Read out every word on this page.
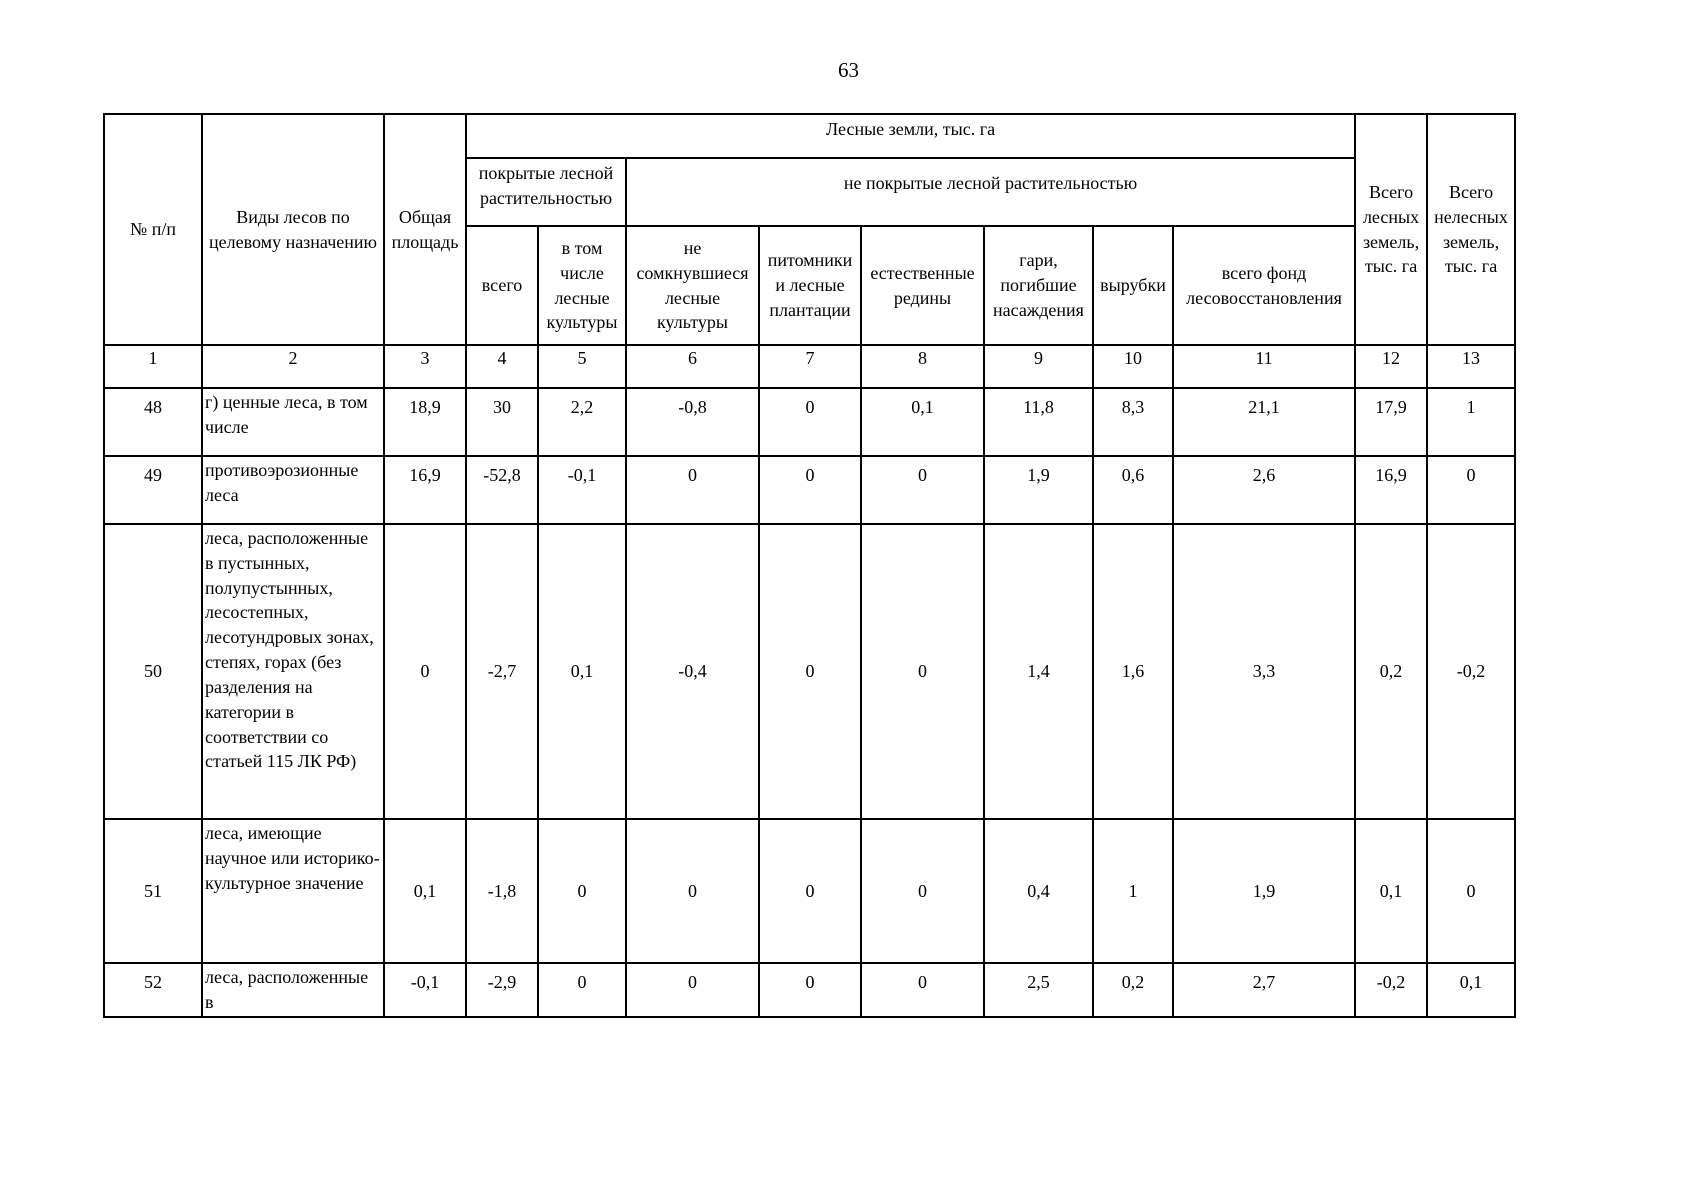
63
№ п/п	Виды лесов по целевому назначению	Общая площадь	Лесные земли, тыс. га								Всего лесных земель, тыс. га	Всего нелесных земель, тыс. га
			покрытые лесной растительностью		не покрытые лесной растительностью							
			всего	в том числе лесные культуры	не сомкнувшиеся лесные культуры	питомники и лесные плантации	естественные редины	гари, погибшие насаждения	вырубки	всего фонд лесовосстановления		
1	2	3	4	5	6	7	8	9	10	11	12	13
48	г) ценные леса, в том числе	18,9	30	2,2	-0,8	0	0,1	11,8	8,3	21,1	17,9	1
49	противоэрозионные леса	16,9	-52,8	-0,1	0	0	0	1,9	0,6	2,6	16,9	0
50	леса, расположенные в пустынных, полупустынных, лесостепных, лесотундровых зонах, степях, горах (без разделения на категории в соответствии со статьей 115 ЛК РФ)	0	-2,7	0,1	-0,4	0	0	1,4	1,6	3,3	0,2	-0,2
51	леса, имеющие научное или историко-культурное значение	0,1	-1,8	0	0	0	0	0,4	1	1,9	0,1	0
52	леса, расположенные в	-0,1	-2,9	0	0	0	0	2,5	0,2	2,7	-0,2	0,1
